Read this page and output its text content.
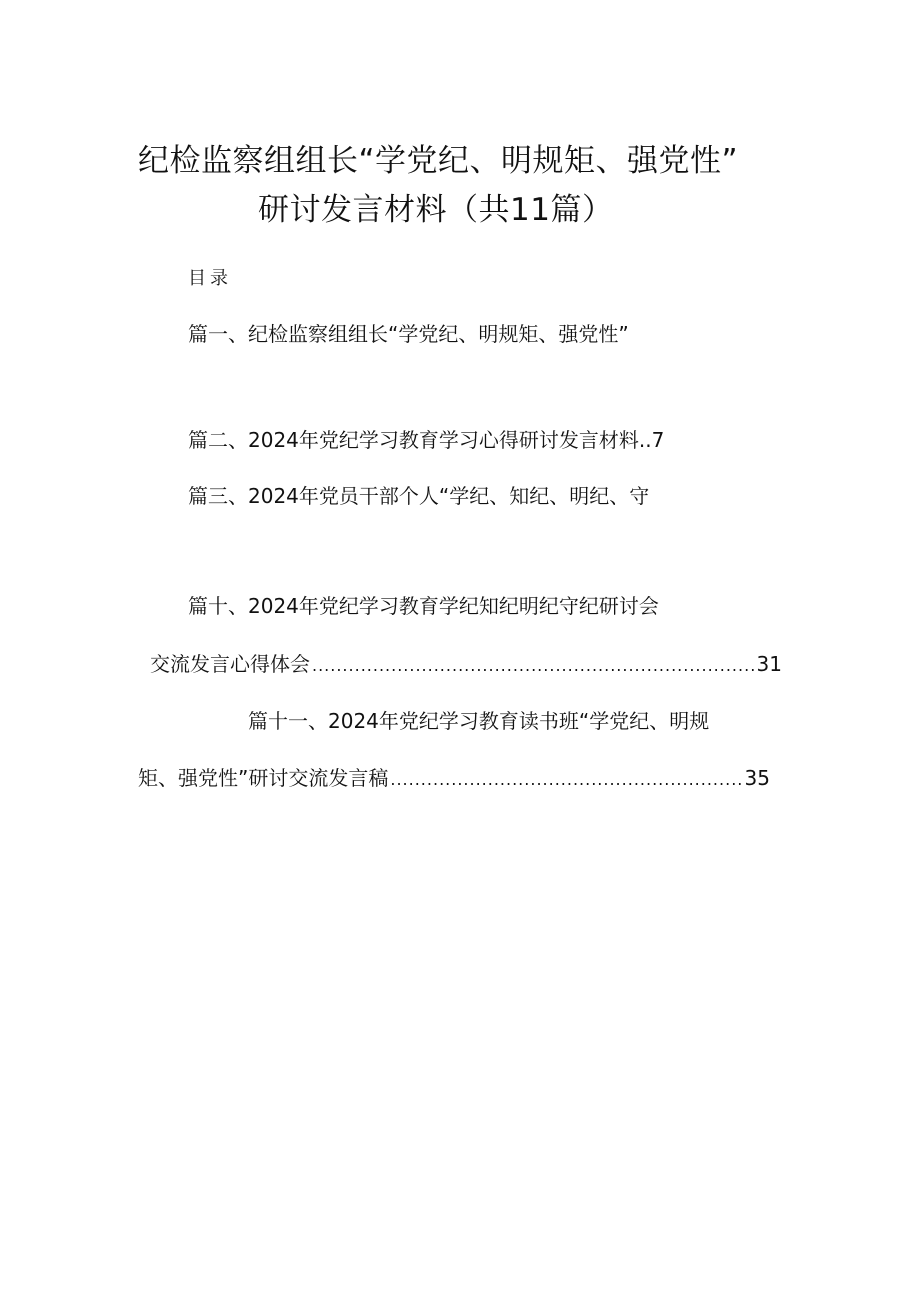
纪检监察组组长“学党纪、明规矩、强党性”
研讨发言材料（共11篇）
目录
篇一、纪检监察组组长“学党纪、明规矩、强党性”
篇二、2024年党纪学习教育学习心得研讨发言材料..7
篇三、2024年党员干部个人“学纪、知纪、明纪、守
篇十、2024年党纪学习教育学纪知纪明纪守纪研讨会
交流发言心得体会 .....	31
篇十一、2024年党纪学习教育读书班“学党纪、明规
矩、强党性”研讨交流发言稿 .....	35
